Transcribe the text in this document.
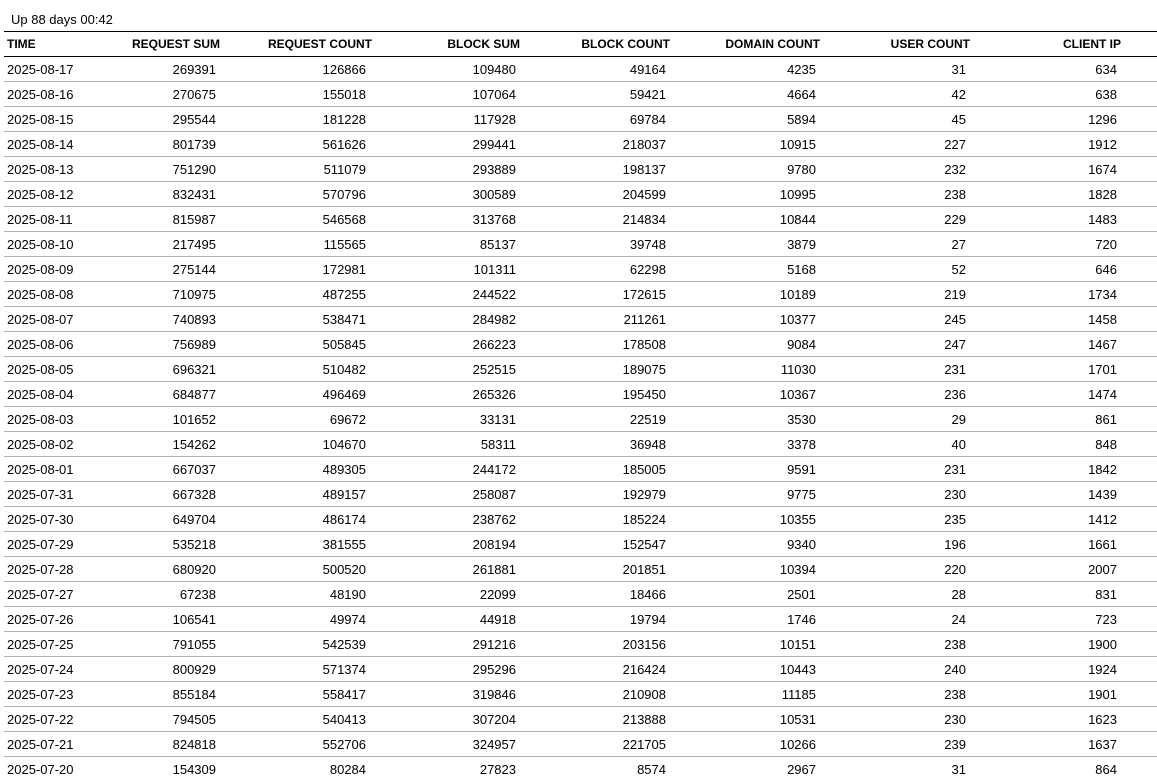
Up 88 days 00:42
TIME	REQUEST SUM	REQUEST COUNT	BLOCK SUM	BLOCK COUNT	DOMAIN COUNT	USER COUNT	CLIENT IP
2025-08-17	269391	126866	109480	49164	4235	31	634
2025-08-16	270675	155018	107064	59421	4664	42	638
2025-08-15	295544	181228	117928	69784	5894	45	1296
2025-08-14	801739	561626	299441	218037	10915	227	1912
2025-08-13	751290	511079	293889	198137	9780	232	1674
2025-08-12	832431	570796	300589	204599	10995	238	1828
2025-08-11	815987	546568	313768	214834	10844	229	1483
2025-08-10	217495	115565	85137	39748	3879	27	720
2025-08-09	275144	172981	101311	62298	5168	52	646
2025-08-08	710975	487255	244522	172615	10189	219	1734
2025-08-07	740893	538471	284982	211261	10377	245	1458
2025-08-06	756989	505845	266223	178508	9084	247	1467
2025-08-05	696321	510482	252515	189075	11030	231	1701
2025-08-04	684877	496469	265326	195450	10367	236	1474
2025-08-03	101652	69672	33131	22519	3530	29	861
2025-08-02	154262	104670	58311	36948	3378	40	848
2025-08-01	667037	489305	244172	185005	9591	231	1842
2025-07-31	667328	489157	258087	192979	9775	230	1439
2025-07-30	649704	486174	238762	185224	10355	235	1412
2025-07-29	535218	381555	208194	152547	9340	196	1661
2025-07-28	680920	500520	261881	201851	10394	220	2007
2025-07-27	67238	48190	22099	18466	2501	28	831
2025-07-26	106541	49974	44918	19794	1746	24	723
2025-07-25	791055	542539	291216	203156	10151	238	1900
2025-07-24	800929	571374	295296	216424	10443	240	1924
2025-07-23	855184	558417	319846	210908	11185	238	1901
2025-07-22	794505	540413	307204	213888	10531	230	1623
2025-07-21	824818	552706	324957	221705	10266	239	1637
2025-07-20	154309	80284	27823	8574	2967	31	864
